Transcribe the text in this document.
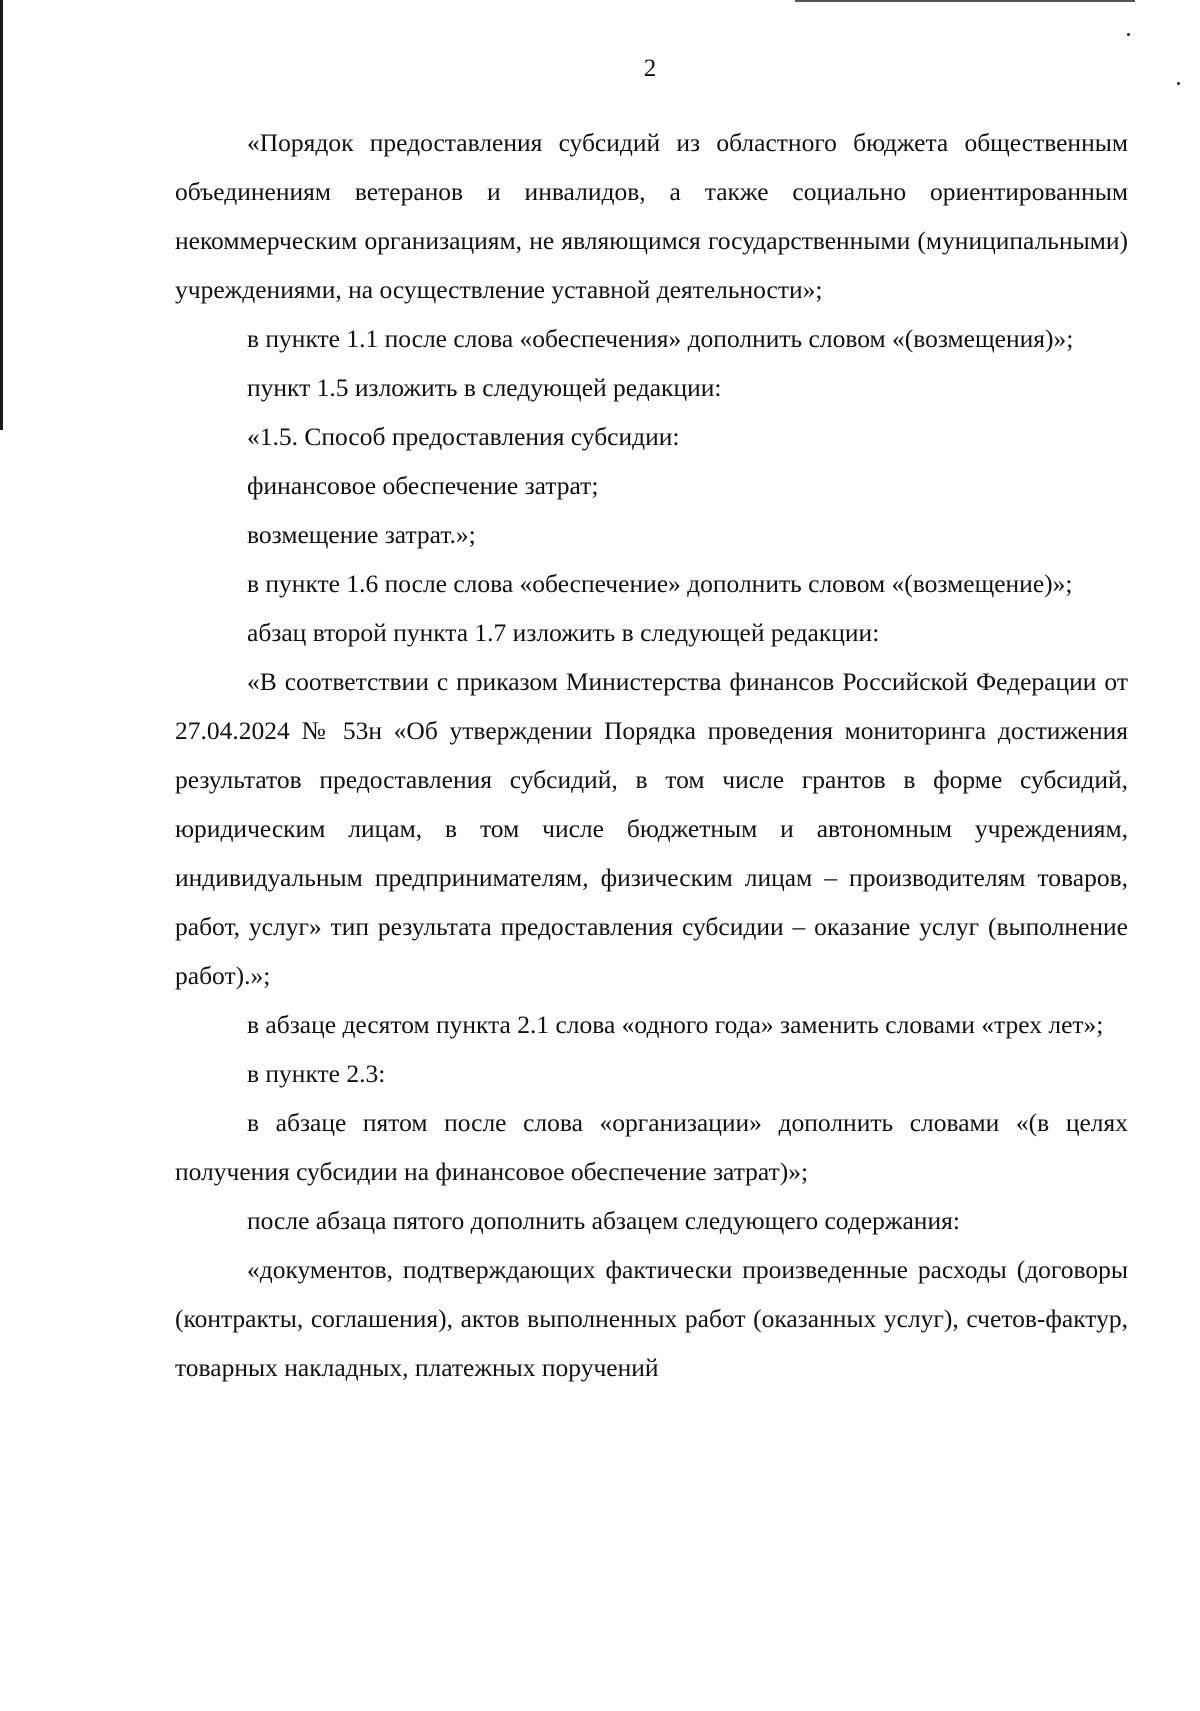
2

«Порядок предоставления субсидий из областного бюджета общественным объединениям ветеранов и инвалидов, а также социально ориентированным некоммерческим организациям, не являющимся государственными (муниципальными) учреждениями, на осуществление уставной деятельности»;

в пункте 1.1 после слова «обеспечения» дополнить словом «(возмещения)»;

пункт 1.5 изложить в следующей редакции:

«1.5. Способ предоставления субсидии:

финансовое обеспечение затрат;

возмещение затрат.»;

в пункте 1.6 после слова «обеспечение» дополнить словом «(возмещение)»;

абзац второй пункта 1.7 изложить в следующей редакции:

«В соответствии с приказом Министерства финансов Российской Федерации от 27.04.2024 № 53н «Об утверждении Порядка проведения мониторинга достижения результатов предоставления субсидий, в том числе грантов в форме субсидий, юридическим лицам, в том числе бюджетным и автономным учреждениям, индивидуальным предпринимателям, физическим лицам – производителям товаров, работ, услуг» тип результата предоставления субсидии – оказание услуг (выполнение работ).»;

в абзаце десятом пункта 2.1 слова «одного года» заменить словами «трех лет»;

в пункте 2.3:

в абзаце пятом после слова «организации» дополнить словами «(в целях получения субсидии на финансовое обеспечение затрат)»;

после абзаца пятого дополнить абзацем следующего содержания:

«документов, подтверждающих фактически произведенные расходы (договоры (контракты, соглашения), актов выполненных работ (оказанных услуг), счетов-фактур, товарных накладных, платежных поручений
